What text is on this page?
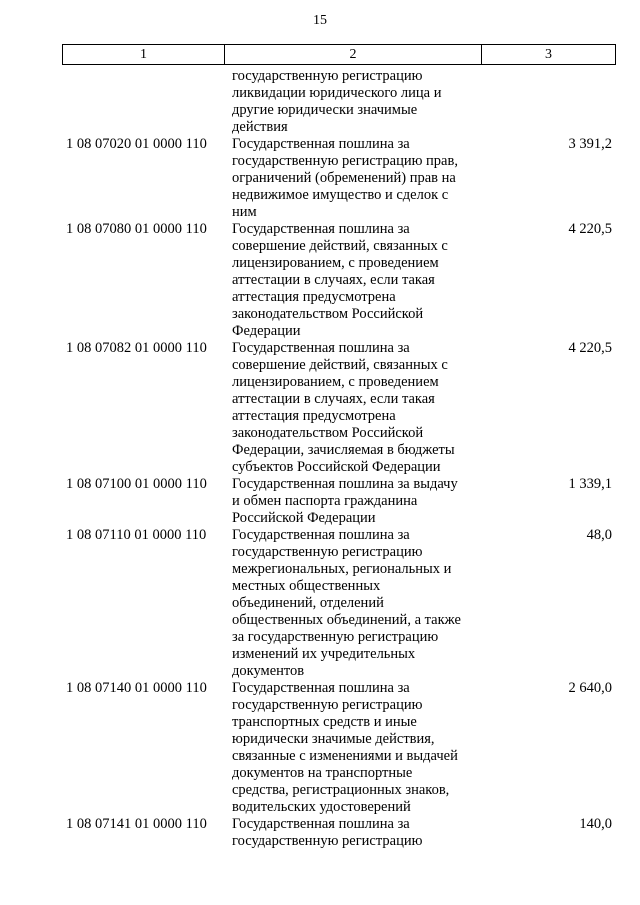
15
1	2	3
государственную регистрацию
ликвидации юридического лица и
другие юридически значимые
действия
1 08 07020 01 0000 110	Государственная пошлина за
государственную регистрацию прав,
ограничений (обременений) прав на
недвижимое имущество и сделок с
ним
3 391,2
1 08 07080 01 0000 110	Государственная пошлина за
совершение действий, связанных с
лицензированием, с проведением
аттестации в случаях, если такая
аттестация предусмотрена
законодательством Российской
Федерации
4 220,5
1 08 07082 01 0000 110	Государственная пошлина за
совершение действий, связанных с
лицензированием, с проведением
аттестации в случаях, если такая
аттестация предусмотрена
законодательством Российской
Федерации, зачисляемая в бюджеты
субъектов Российской Федерации
4 220,5
1 08 07100 01 0000 110	Государственная пошлина за выдачу
и обмен паспорта гражданина
Российской Федерации
1 339,1
1 08 07110 01 0000 110	Государственная пошлина за
государственную регистрацию
межрегиональных, региональных и
местных общественных
объединений, отделений
общественных объединений, а также
за государственную регистрацию
изменений их учредительных
документов
48,0
1 08 07140 01 0000 110	Государственная пошлина за
государственную регистрацию
транспортных средств и иные
юридически значимые действия,
связанные с изменениями и выдачей
документов на транспортные
средства, регистрационных знаков,
водительских удостоверений
2 640,0
1 08 07141 01 0000 110	Государственная пошлина за
государственную регистрацию
140,0
